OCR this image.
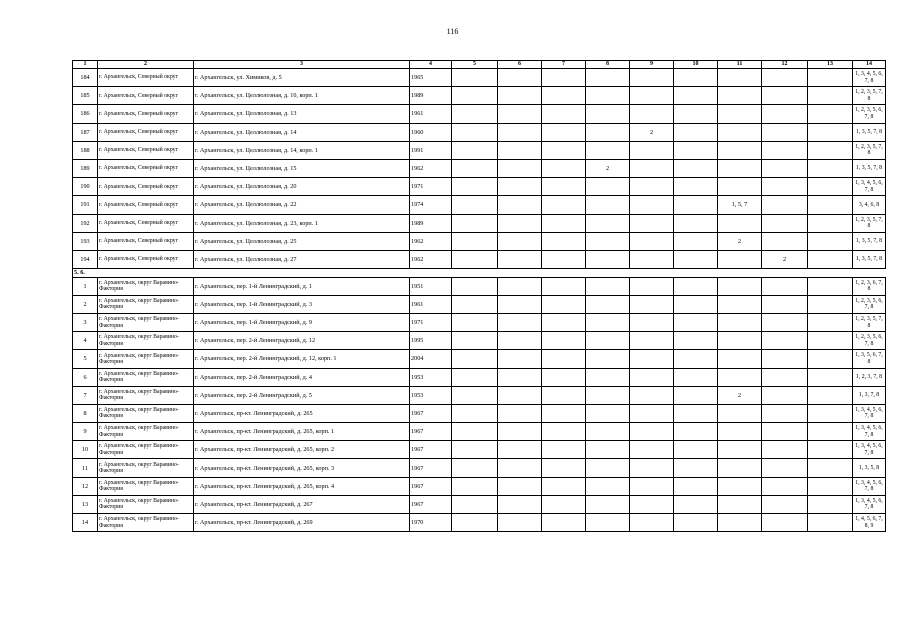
116
1	2	3	4	5	6	7	8	9	10	11	12	13	14
184	г. Архангельск, Северный округ	г. Архангельск, ул. Химиков, д. 5	1965										1, 3, 4, 5, 6, 7, 8
185	г. Архангельск, Северный округ	г. Архангельск, ул. Целлюлозная, д. 10, корп. 1	1989										1, 2, 3, 5, 7, 8
186	г. Архангельск, Северный округ	г. Архангельск, ул. Целлюлозная, д. 13	1961										1, 2, 3, 5, 6, 7, 8
187	г. Архангельск, Северный округ	г. Архангельск, ул. Целлюлозная, д. 14	1960					2					1, 3, 5, 7, 8
188	г. Архангельск, Северный округ	г. Архангельск, ул. Целлюлозная, д. 14, корп. 1	1991										1, 2, 3, 5, 7, 8
189	г. Архангельск, Северный округ	г. Архангельск, ул. Целлюлозная, д. 15	1962				2						1, 3, 5, 7, 8
190	г. Архангельск, Северный округ	г. Архангельск, ул. Целлюлозная, д. 20	1971										1, 3, 4, 5, 6, 7, 8
191	г. Архангельск, Северный округ	г. Архангельск, ул. Целлюлозная, д. 22	1974							1, 5, 7			3, 4, 6, 8
192	г. Архангельск, Северный округ	г. Архангельск, ул. Целлюлозная, д. 23, корп. 1	1989										1, 2, 3, 5, 7, 8
193	г. Архангельск, Северный округ	г. Архангельск, ул. Целлюлозная, д. 25	1962							2			1, 3, 5, 7, 8
194	г. Архангельск, Северный округ	г. Архангельск, ул. Целлюлозная, д. 27	1962								2		1, 3, 5, 7, 8
5. 6.													
1	г. Архангельск, округ Варавино-Фактория	г. Архангельск, пер. 1-й Ленинградский, д. 1	1951										1, 2, 3, 6, 7, 8
2	г. Архангельск, округ Варавино-Фактория	г. Архангельск, пер. 1-й Ленинградский, д. 3	1961										1, 2, 3, 5, 6, 7, 8
3	г. Архангельск, округ Варавино-Фактория	г. Архангельск, пер. 1-й Ленинградский, д. 9	1971										1, 2, 3, 5, 7, 8
4	г. Архангельск, округ Варавино-Фактория	г. Архангельск, пер. 2-й Ленинградский, д. 12	1995										1, 2, 3, 5, 6, 7, 8
5	г. Архангельск, округ Варавино-Фактория	г. Архангельск, пер. 2-й Ленинградский, д. 12, корп. 1	2004										1, 3, 5, 6, 7, 8
6	г. Архангельск, округ Варавино-Фактория	г. Архангельск, пер. 2-й Ленинградский, д. 4	1953										1, 2, 3, 7, 8
7	г. Архангельск, округ Варавино-Фактория	г. Архангельск, пер. 2-й Ленинградский, д. 5	1953							2			1, 3, 7, 8
8	г. Архангельск, округ Варавино-Фактория	г. Архангельск, пр-кт. Ленинградский, д. 265	1967										1, 3, 4, 5, 6, 7, 8
9	г. Архангельск, округ Варавино-Фактория	г. Архангельск, пр-кт. Ленинградский, д. 265, корп. 1	1967										1, 3, 4, 5, 6, 7, 8
10	г. Архангельск, округ Варавино-Фактория	г. Архангельск, пр-кт. Ленинградский, д. 265, корп. 2	1967										1, 3, 4, 5, 6, 7, 8
11	г. Архангельск, округ Варавино-Фактория	г. Архангельск, пр-кт. Ленинградский, д. 265, корп. 3	1967										1, 3, 5, 8
12	г. Архангельск, округ Варавино-Фактория	г. Архангельск, пр-кт. Ленинградский, д. 265, корп. 4	1967										1, 3, 4, 5, 6, 7, 8
13	г. Архангельск, округ Варавино-Фактория	г. Архангельск, пр-кт. Ленинградский, д. 267	1967										1, 3, 4, 5, 6, 7, 8
14	г. Архангельск, округ Варавино-Фактория	г. Архангельск, пр-кт. Ленинградский, д. 269	1970										1, 4, 5, 6, 7, 8, 9
